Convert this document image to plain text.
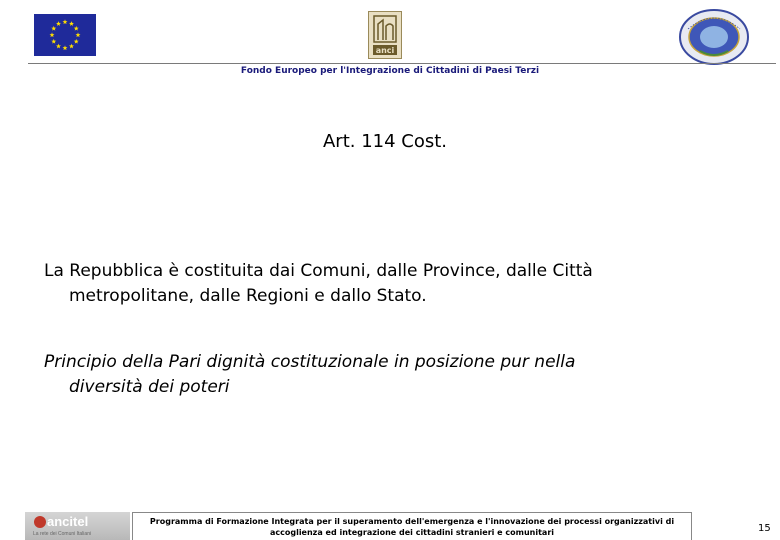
anci
Fondo Europeo per l'Integrazione di Cittadini di Paesi Terzi
Art. 114 Cost.
La Repubblica è costituita dai Comuni, dalle Province, dalle Città
metropolitane, dalle Regioni e dallo Stato.
Principio della Pari dignità costituzionale in posizione pur nella
diversità dei poteri
ancitel
La rete dei Comuni Italiani
Programma di Formazione Integrata per il superamento dell'emergenza e l'innovazione dei processi organizzativi di
accoglienza ed integrazione dei cittadini stranieri e comunitari	15
